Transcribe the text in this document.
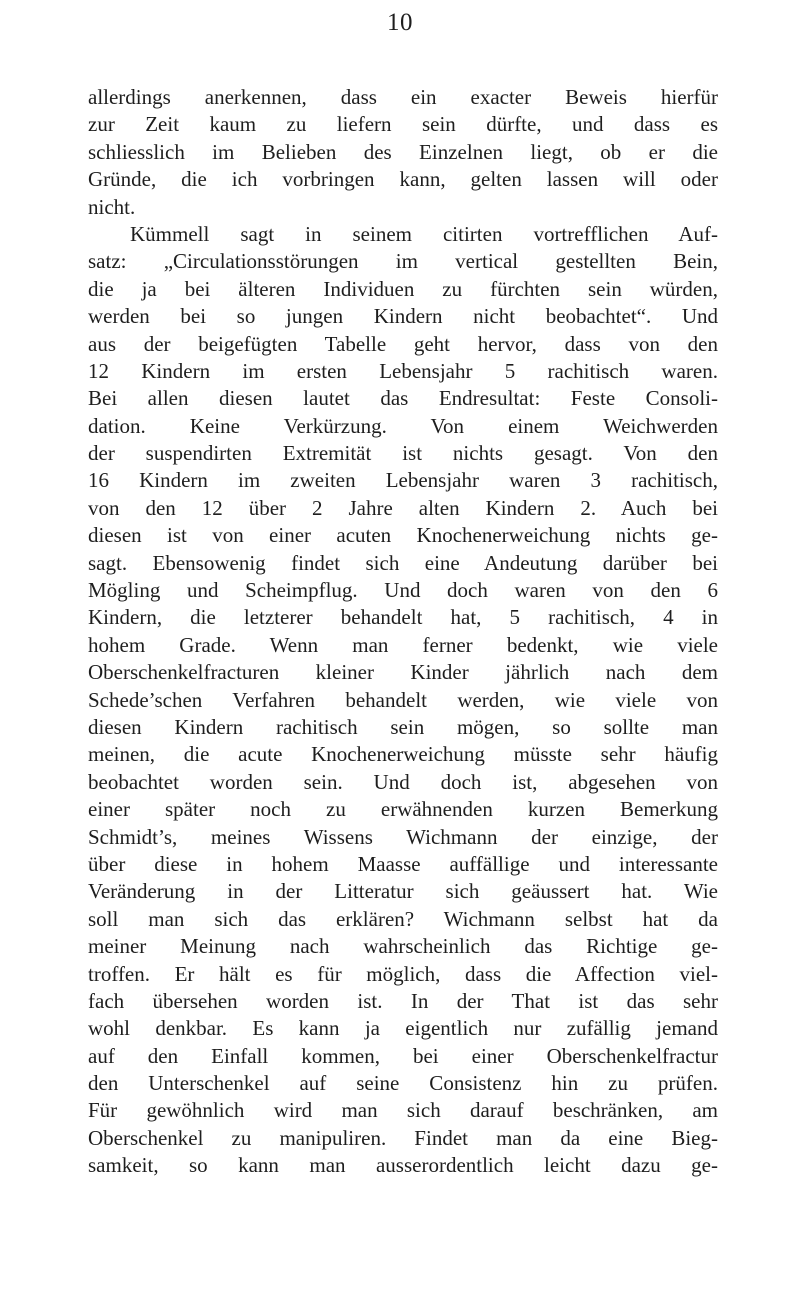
10
allerdings anerkennen, dass ein exacter Beweis hierfür
zur Zeit kaum zu liefern sein dürfte, und dass es
schliesslich im Belieben des Einzelnen liegt, ob er die
Gründe, die ich vorbringen kann, gelten lassen will oder
nicht.
Kümmell sagt in seinem citirten vortrefflichen Auf-
satz: „Circulationsstörungen im vertical gestellten Bein,
die ja bei älteren Individuen zu fürchten sein würden,
werden bei so jungen Kindern nicht beobachtet“. Und
aus der beigefügten Tabelle geht hervor, dass von den
12 Kindern im ersten Lebensjahr 5 rachitisch waren.
Bei allen diesen lautet das Endresultat: Feste Consoli-
dation. Keine Verkürzung. Von einem Weichwerden
der suspendirten Extremität ist nichts gesagt. Von den
16 Kindern im zweiten Lebensjahr waren 3 rachitisch,
von den 12 über 2 Jahre alten Kindern 2. Auch bei
diesen ist von einer acuten Knochenerweichung nichts ge-
sagt. Ebensowenig findet sich eine Andeutung darüber bei
Mögling und Scheimpflug. Und doch waren von den 6
Kindern, die letzterer behandelt hat, 5 rachitisch, 4 in
hohem Grade. Wenn man ferner bedenkt, wie viele
Oberschenkelfracturen kleiner Kinder jährlich nach dem
Schede’schen Verfahren behandelt werden, wie viele von
diesen Kindern rachitisch sein mögen, so sollte man
meinen, die acute Knochenerweichung müsste sehr häufig
beobachtet worden sein. Und doch ist, abgesehen von
einer später noch zu erwähnenden kurzen Bemerkung
Schmidt’s, meines Wissens Wichmann der einzige, der
über diese in hohem Maasse auffällige und interessante
Veränderung in der Litteratur sich geäussert hat. Wie
soll man sich das erklären? Wichmann selbst hat da
meiner Meinung nach wahrscheinlich das Richtige ge-
troffen. Er hält es für möglich, dass die Affection viel-
fach übersehen worden ist. In der That ist das sehr
wohl denkbar. Es kann ja eigentlich nur zufällig jemand
auf den Einfall kommen, bei einer Oberschenkelfractur
den Unterschenkel auf seine Consistenz hin zu prüfen.
Für gewöhnlich wird man sich darauf beschränken, am
Oberschenkel zu manipuliren. Findet man da eine Bieg-
samkeit, so kann man ausserordentlich leicht dazu ge-
